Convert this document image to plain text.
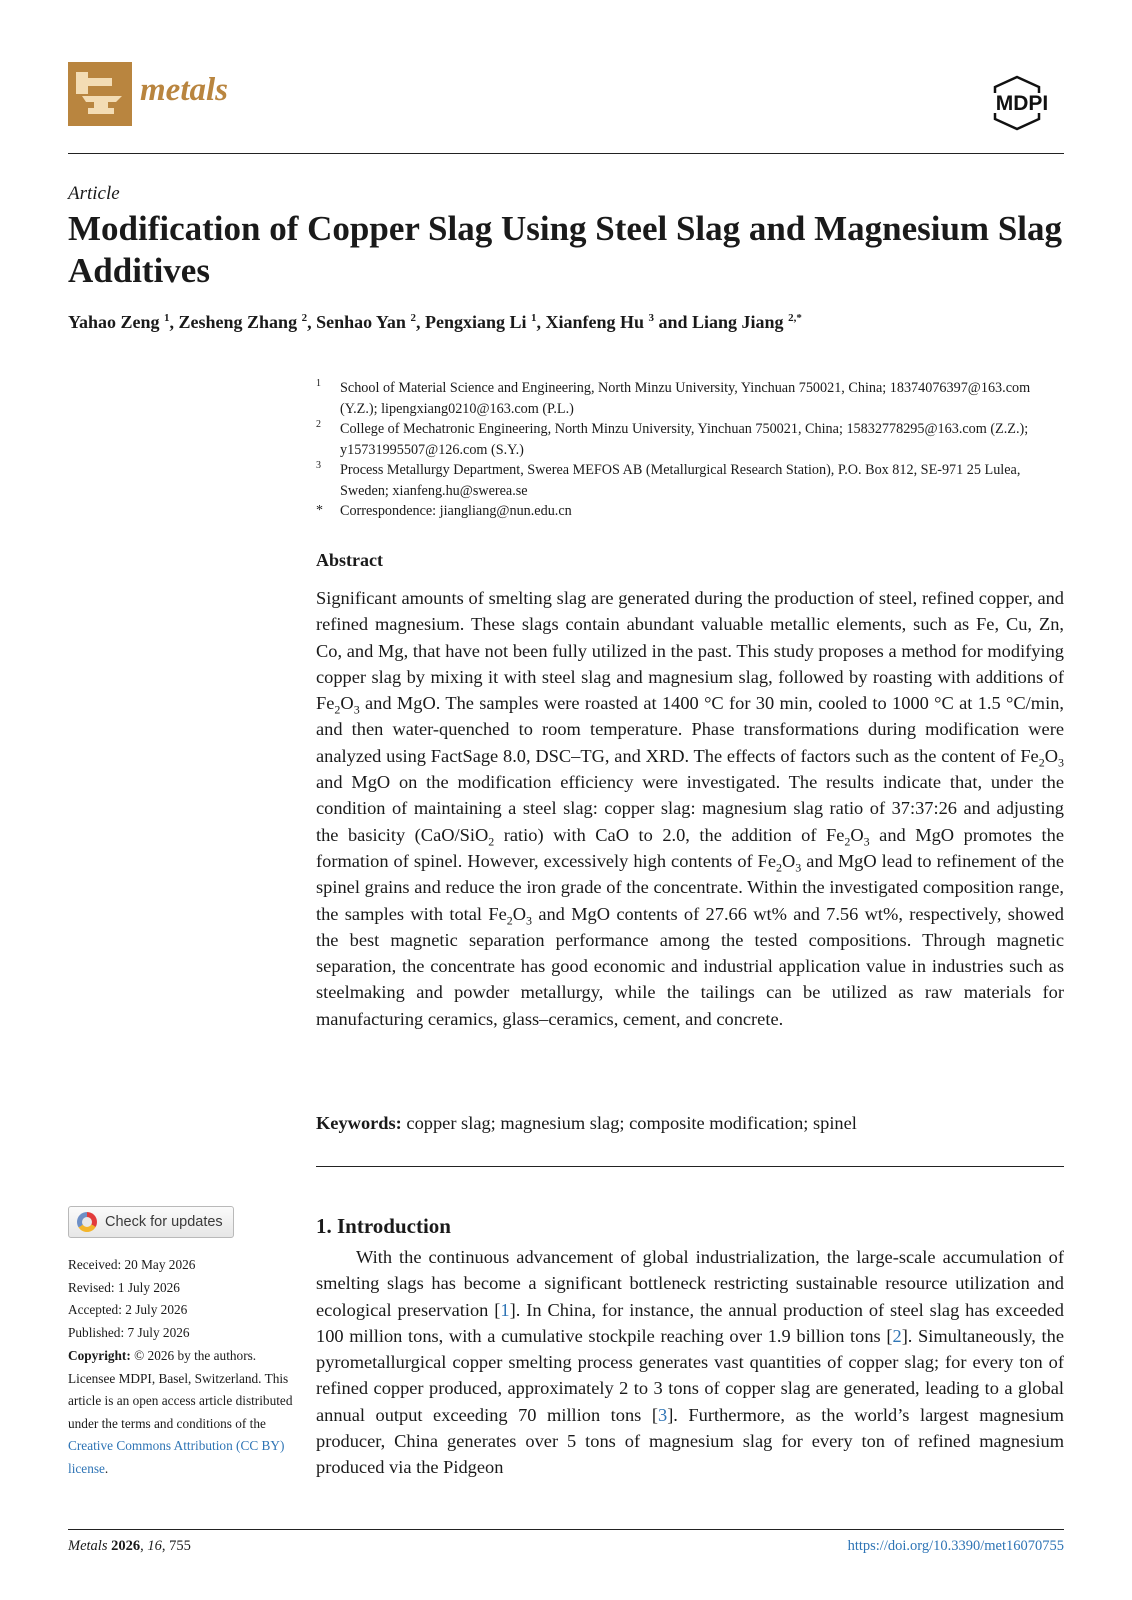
metals	MDPI
Article
Modification of Copper Slag Using Steel Slag and Magnesium Slag Additives
Yahao Zeng $^1$, Zesheng Zhang $^2$, Senhao Yan $^2$, Pengxiang Li $^1$, Xianfeng Hu $^3$ and Liang Jiang $^{2,*}$
1 School of Material Science and Engineering, North Minzu University, Yinchuan 750021, China; 18374076397@163.com (Y.Z.); lipengxiang0210@163.com (P.L.)
2 College of Mechatronic Engineering, North Minzu University, Yinchuan 750021, China; 15832778295@163.com (Z.Z.); y15731995507@126.com (S.Y.)
3 Process Metallurgy Department, Swerea MEFOS AB (Metallurgical Research Station), P.O. Box 812, SE-971 25 Lulea, Sweden; xianfeng.hu@swerea.se
* Correspondence: jiangliang@nun.edu.cn
Abstract
Significant amounts of smelting slag are generated during the production of steel, refined copper, and refined magnesium. These slags contain abundant valuable metallic elements, such as Fe, Cu, Zn, Co, and Mg, that have not been fully utilized in the past. This study proposes a method for modifying copper slag by mixing it with steel slag and magnesium slag, followed by roasting with additions of $Fe_2O_3$ and MgO. The samples were roasted at 1400 °C for 30 min, cooled to 1000 °C at 1.5 °C/min, and then water-quenched to room temperature. Phase transformations during modification were analyzed using FactSage 8.0, DSC–TG, and XRD. The effects of factors such as the content of $Fe_2O_3$ and MgO on the modification efficiency were investigated. The results indicate that, under the condition of maintaining a steel slag: copper slag: magnesium slag ratio of 37:37:26 and adjusting the basicity (CaO/SiO$_2$ ratio) with CaO to 2.0, the addition of $Fe_2O_3$ and MgO promotes the formation of spinel. However, excessively high contents of $Fe_2O_3$ and MgO lead to refinement of the spinel grains and reduce the iron grade of the concentrate. Within the investigated composition range, the samples with total $Fe_2O_3$ and MgO contents of 27.66 wt% and 7.56 wt%, respectively, showed the best magnetic separation performance among the tested compositions. Through magnetic separation, the concentrate has good economic and industrial application value in industries such as steelmaking and powder metallurgy, while the tailings can be utilized as raw materials for manufacturing ceramics, glass–ceramics, cement, and concrete.
Keywords: copper slag; magnesium slag; composite modification; spinel
Check for updates
Received: 20 May 2026
Revised: 1 July 2026
Accepted: 2 July 2026
Published: 7 July 2026
Copyright: © 2026 by the authors. Licensee MDPI, Basel, Switzerland. This article is an open access article distributed under the terms and conditions of the Creative Commons Attribution (CC BY) license.
1. Introduction
With the continuous advancement of global industrialization, the large-scale accumulation of smelting slags has become a significant bottleneck restricting sustainable resource utilization and ecological preservation [1]. In China, for instance, the annual production of steel slag has exceeded 100 million tons, with a cumulative stockpile reaching over 1.9 billion tons [2]. Simultaneously, the pyrometallurgical copper smelting process generates vast quantities of copper slag; for every ton of refined copper produced, approximately 2 to 3 tons of copper slag are generated, leading to a global annual output exceeding 70 million tons [3]. Furthermore, as the world’s largest magnesium producer, China generates over 5 tons of magnesium slag for every ton of refined magnesium produced via the Pidgeon
Metals 2026, 16, 755	https://doi.org/10.3390/met16070755
